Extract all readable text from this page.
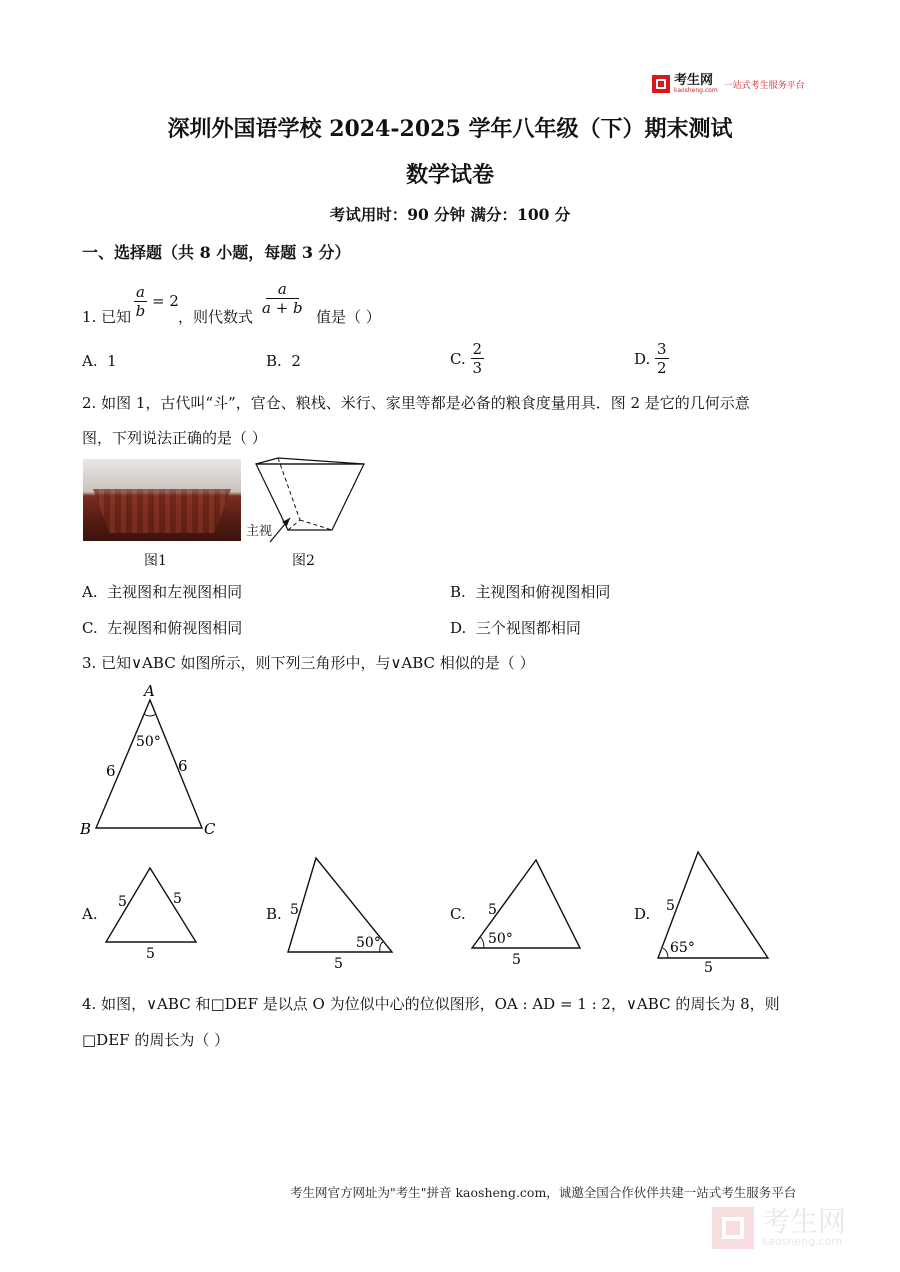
考生网
kaosheng.com 一站式考生服务平台
深圳外国语学校 2024-2025 学年八年级（下）期末测试
数学试卷
考试用时：90 分钟 满分：100 分
一、选择题（共 8 小题，每题 3 分）
1. 已知 $\frac{a}{b} = 2$
，则代数式 $\frac{a}{a + b}$ 值是（ ）
A. 1	B. 2	C.
$\frac{2}{3}$	D.
$\frac{3}{2}$
2. 如图 1，古代叫“斗”，官仓、粮栈、米行、家里等都是必备的粮食度量用具．图 2 是它的几何示意
图，下列说法正确的是（ ）
图1
主视
图2
A. 主视图和左视图相同	B. 主视图和俯视图相同
C. 左视图和俯视图相同	D. 三个视图都相同
3. 已知∨ABC 如图所示，则下列三角形中，与∨ABC 相似的是（ ）
A
B	C
50°
6	6
A.
5	5
5
B. 5
50°
5
C. 5
50°
5
D. 5
65°
5
4. 如图，∨ABC 和□DEF 是以点 O 为位似中心的位似图形，OA : AD = 1 : 2，∨ABC 的周长为 8，则
□DEF 的周长为（ ）
考生网官方网址为"考生"拼音 kaosheng.com，诚邀全国合作伙伴共建一站式考生服务平台
考生网
kaosheng.com
